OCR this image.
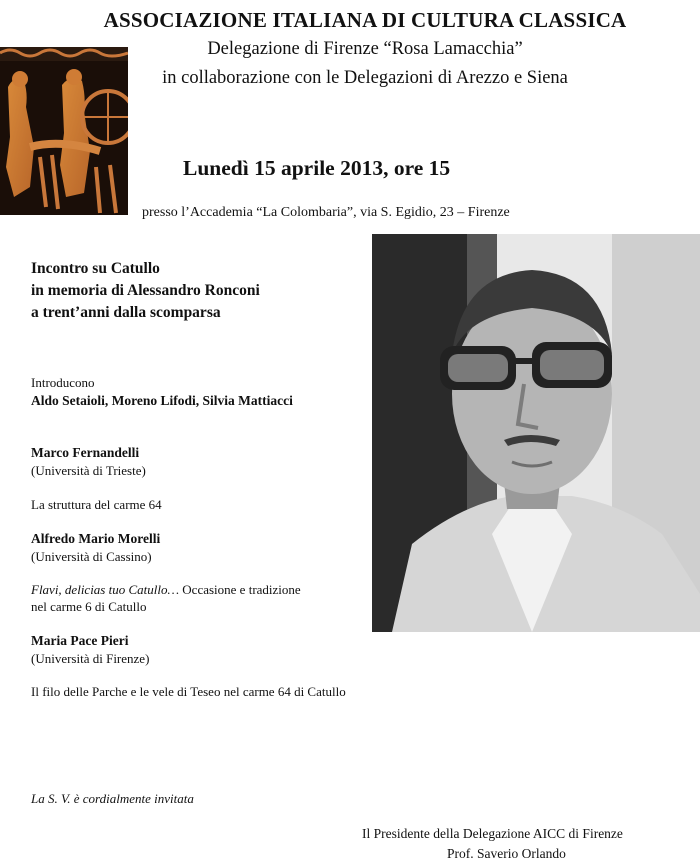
ASSOCIAZIONE ITALIANA DI CULTURA CLASSICA
Delegazione di Firenze “Rosa Lamacchia”
in collaborazione con le Delegazioni di Arezzo e Siena
Lunedì 15 aprile 2013, ore 15
presso l’Accademia “La Colombaria”, via S. Egidio, 23 – Firenze
Incontro su Catullo
in memoria di Alessandro Ronconi
a trent’anni dalla scomparsa
Introducono
Aldo Setaioli, Moreno Lifodi, Silvia Mattiacci
Marco Fernandelli
(Università di Trieste)
La struttura del carme 64
Alfredo Mario Morelli
(Università di Cassino)
Flavi, delicias tuo Catullo… Occasione e tradizione
nel carme 6 di Catullo
Maria Pace Pieri
(Università di Firenze)
Il filo delle Parche e le vele di Teseo nel carme 64 di Catullo
La S. V. è cordialmente invitata
Il Presidente della Delegazione AICC di Firenze
Prof. Saverio Orlando
